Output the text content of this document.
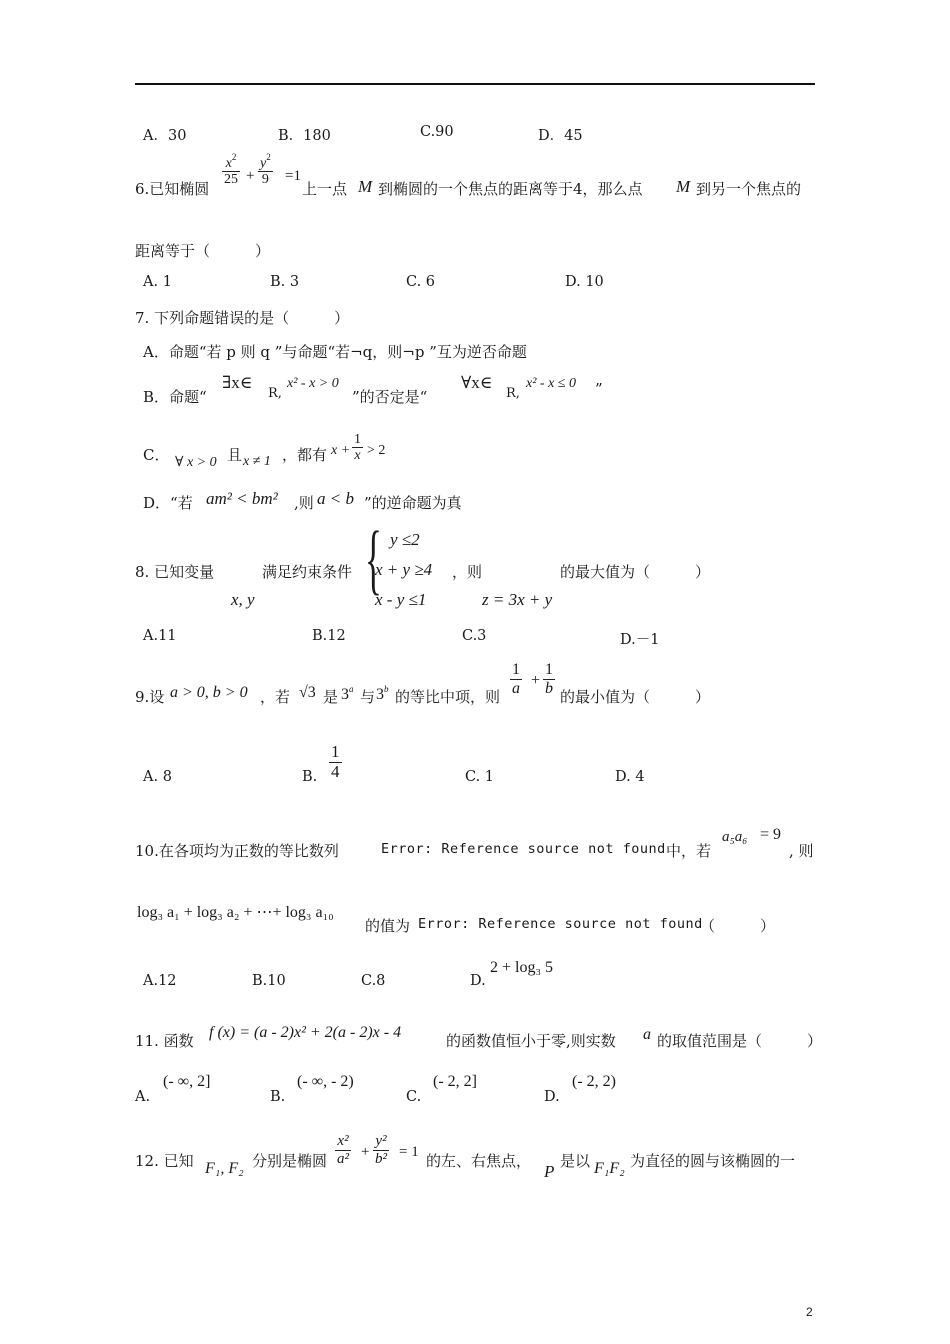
A．30	B．180	C.90	D．45
6.已知椭圆
$\frac{x^2}{25} + \frac{y^2}{9} =1$
上一点 M 到椭圆的一个焦点的距离等于4，那么点 M 到另一个焦点的
距离等于（　　　）
A. 1	B. 3	C. 6	D. 10
7. 下列命题错误的是（　　　）
A．命题“若 p 则 q ”与命题“若¬q，则¬p ”互为逆否命题
B．命题“
∃x∈
R,
x² - x > 0
”的否定是“
∀x∈
R,
x² - x ≤ 0 ”
C． ∀ x > 0 且 x ≠ 1 ，都有 $x + \frac{1}{x} > 2$
D．“若 am² < bm² ,则 a < b ”的逆命题为真
8. 已知变量
x, y
满足约束条件 { y ≤2
x + y ≥4
x - y ≤1
，则
z = 3x + y
的最大值为（　　　）
A.11	B.12	C.3	D.－1
9.设 a > 0, b > 0 ，若 √3 是 3$^a$ 与 3$^b$ 的等比中项，则 $\frac{1}{a} + \frac{1}{b}$ 的最小值为（　　　）
A. 8	B. $\frac{1}{4}$	C. 1	D. 4
10.在各项均为正数的等比数列	Error: Reference source not found 中，若
a₅a₆ = 9
, 则
log₃ a₁ + log₃ a₂ + ⋯+ log₃ a₁₀
的值为 Error: Reference source not found
（　　　）
A.12	B.10	C.8	D.
2 + log₃ 5
11. 函数 f (x) = (a - 2)x² + 2(a - 2)x - 4	的函数值恒小于零,则实数 a 的取值范围是（　　　）
A.
(- ∞, 2]
B.
(- ∞, - 2)
C.
(- 2, 2]
D.
(- 2, 2)
12. 已知 F₁, F₂ 分别是椭圆 $\frac{\text{x²}}{\text{a²}} + \frac{\text{y²}}{\text{b²}} = 1$ 的左、右焦点，
P
是以 F₁F₂ 为直径的圆与该椭圆的一
2
